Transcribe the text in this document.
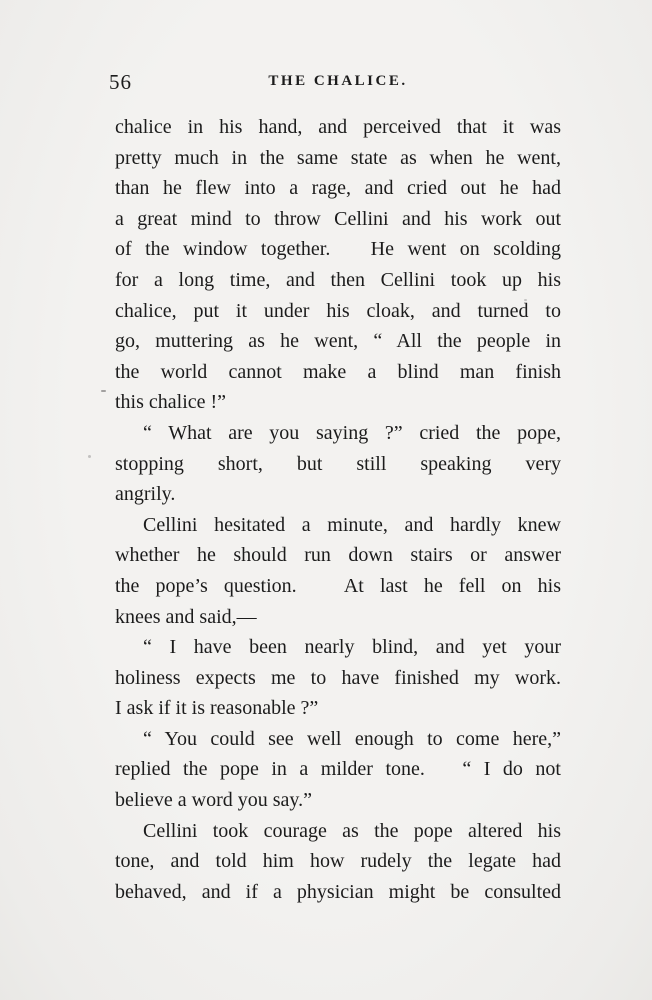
56	THE CHALICE.
chalice in his hand, and perceived that it was
pretty much in the same state as when he went,
than he flew into a rage, and cried out he had
a great mind to throw Cellini and his work out
of the window together.   He went on scolding
for a long time, and then Cellini took up his
chalice, put it under his cloak, and turned to
go, muttering as he went, “ All the people in
the world cannot make a blind man finish
this chalice !”
“ What are you saying ?” cried the pope,
stopping short, but still speaking very
angrily.
Cellini hesitated a minute, and hardly knew
whether he should run down stairs or answer
the pope’s question.   At last he fell on his
knees and said,—
“ I have been nearly blind, and yet your
holiness expects me to have finished my work.
I ask if it is reasonable ?”
“ You could see well enough to come here,”
replied the pope in a milder tone.   “ I do not
believe a word you say.”
Cellini took courage as the pope altered his
tone, and told him how rudely the legate had
behaved, and if a physician might be consulted
